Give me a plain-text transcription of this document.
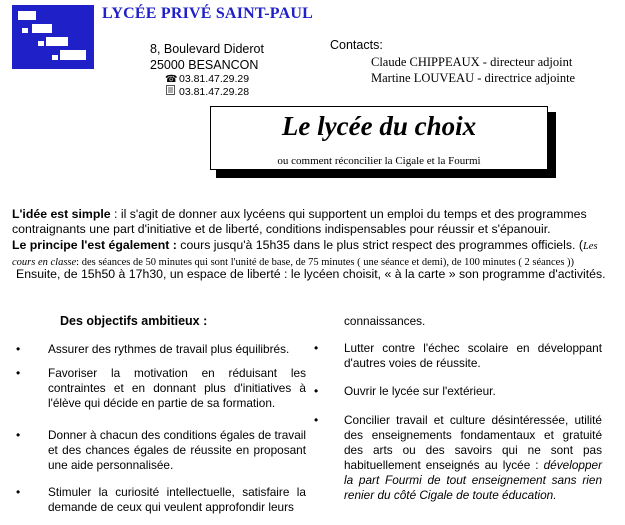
LYCÉE PRIVÉ SAINT-PAUL
8, Boulevard Diderot
25000 BESANCON
☎ 03.81.47.29.29
03.81.47.29.28
Contacts:
Claude CHIPPEAUX - directeur adjoint
Martine LOUVEAU - directrice adjointe
Le lycée du choix
ou comment réconcilier la Cigale et la Fourmi
L'idée est simple : il s'agit de donner aux lycéens qui supportent un emploi du temps et des programmes contraignants une part d'initiative et de liberté, conditions indispensables pour réussir et s'épanouir.
Le principe l'est également : cours jusqu'à 15h35 dans le plus strict respect des programmes officiels. (Les cours en classe: des séances de 50 minutes qui sont l'unité de base, de 75 minutes ( une séance et demi), de 100 minutes ( 2 séances ))
Ensuite, de 15h50 à 17h30, un espace de liberté : le lycéen choisit, « à la carte » son programme d'activités.
Des objectifs ambitieux :
• Assurer des rythmes de travail plus équilibrés.
• Favoriser la motivation en réduisant les contraintes et en donnant plus d'initiatives à l'élève qui décide en partie de sa formation.
• Donner à chacun des conditions égales de travail et des chances égales de réussite en proposant une aide personnalisée.
• Stimuler la curiosité intellectuelle, satisfaire la demande de ceux qui veulent approfondir leurs
connaissances.
• Lutter contre l'échec scolaire en développant d'autres voies de réussite.
• Ouvrir le lycée sur l'extérieur.
• Concilier travail et culture désintéressée, utilité des enseignements fondamentaux et gratuité des arts ou des savoirs qui ne sont pas habituellement enseignés au lycée : développer la part Fourmi de tout enseignement sans rien renier du côté Cigale de toute éducation.
